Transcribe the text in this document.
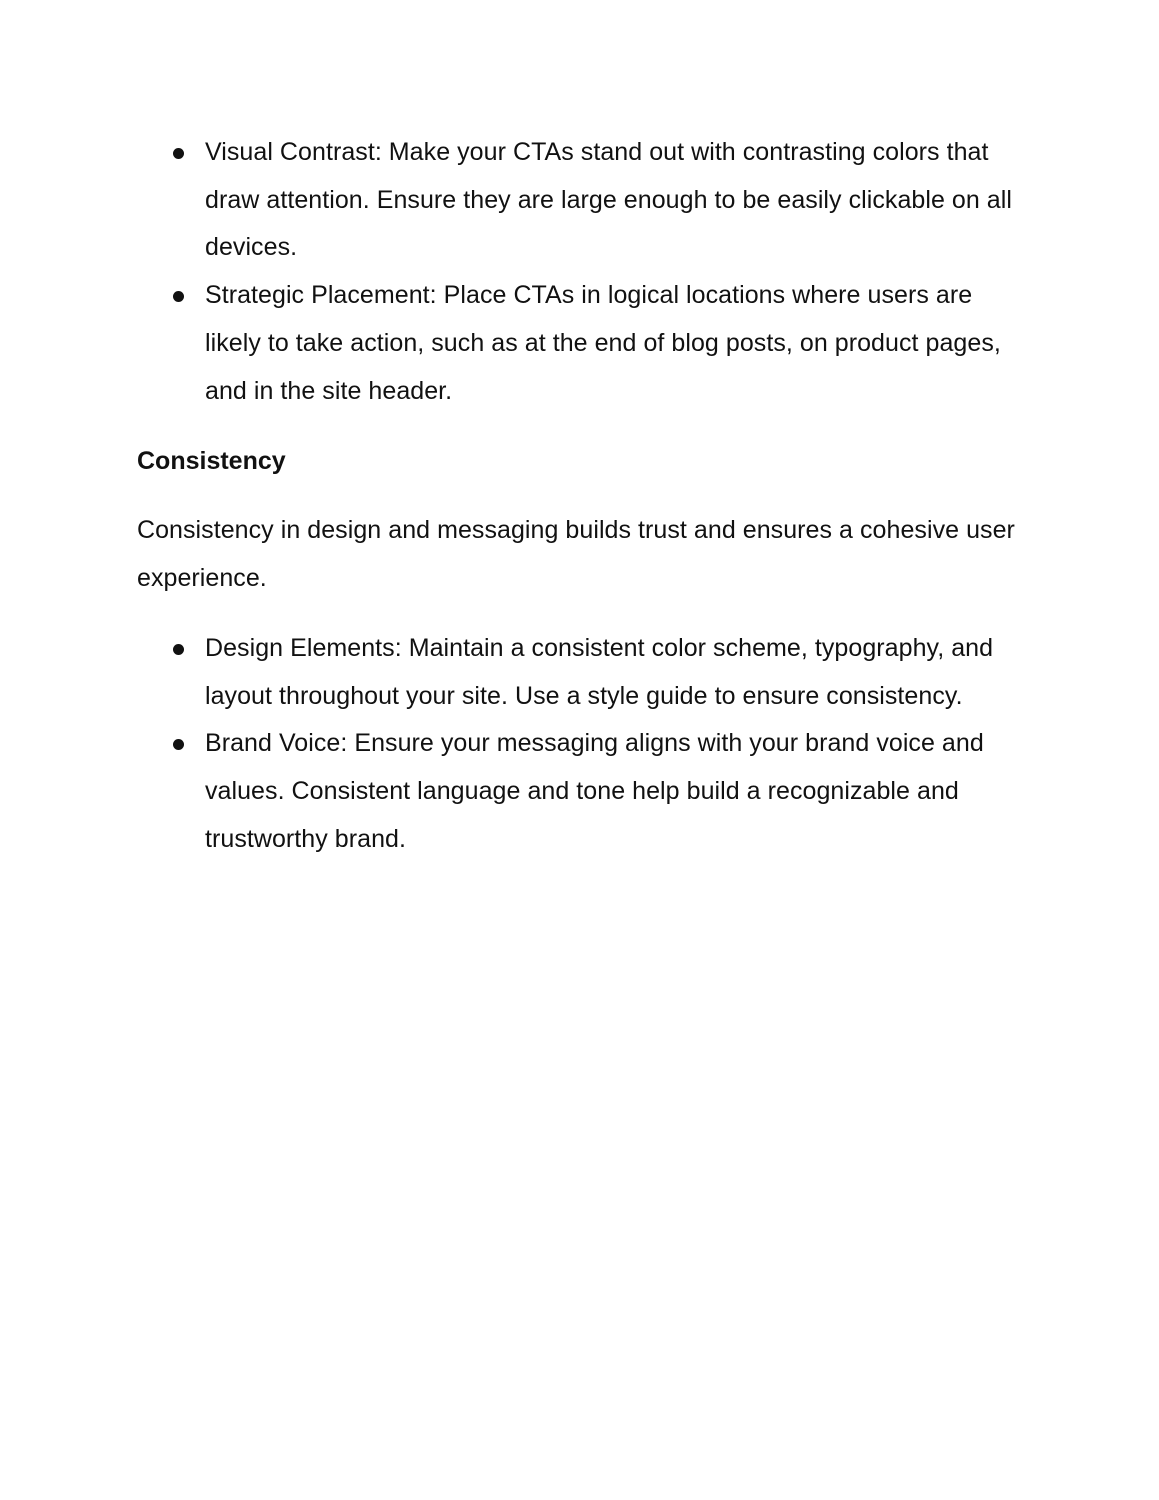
Visual Contrast: Make your CTAs stand out with contrasting colors that draw attention. Ensure they are large enough to be easily clickable on all devices.
Strategic Placement: Place CTAs in logical locations where users are likely to take action, such as at the end of blog posts, on product pages, and in the site header.
Consistency

Consistency in design and messaging builds trust and ensures a cohesive user experience.

Design Elements: Maintain a consistent color scheme, typography, and layout throughout your site. Use a style guide to ensure consistency.
Brand Voice: Ensure your messaging aligns with your brand voice and values. Consistent language and tone help build a recognizable and trustworthy brand.
